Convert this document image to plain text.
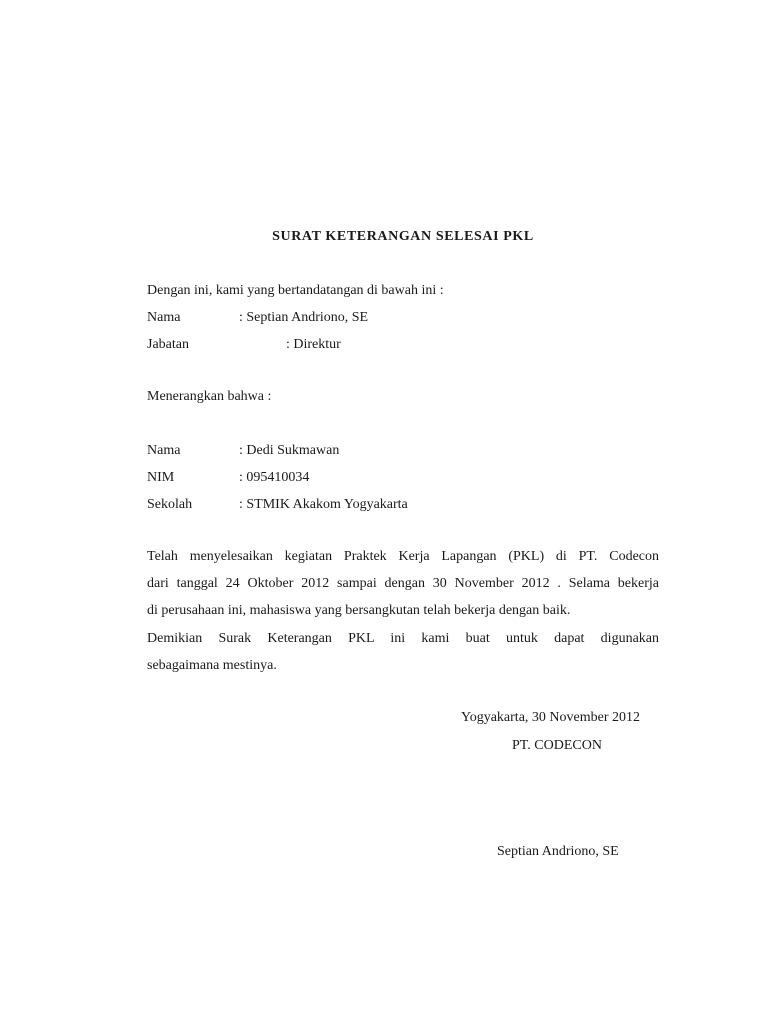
SURAT KETERANGAN SELESAI PKL
Dengan ini, kami yang bertandatangan di bawah ini :
Nama	: Septian Andriono, SE
Jabatan	: Direktur
Menerangkan bahwa :
Nama	: Dedi Sukmawan
NIM	: 095410034
Sekolah	: STMIK Akakom Yogyakarta
Telah menyelesaikan kegiatan Praktek Kerja Lapangan (PKL) di PT. Codecon
dari tanggal 24 Oktober 2012 sampai dengan 30 November 2012 . Selama bekerja
di perusahaan ini, mahasiswa yang bersangkutan telah bekerja dengan baik.
Demikian Surak Keterangan PKL ini kami buat untuk dapat digunakan
sebagaimana mestinya.
Yogyakarta, 30 November 2012
PT. CODECON
Septian Andriono, SE
